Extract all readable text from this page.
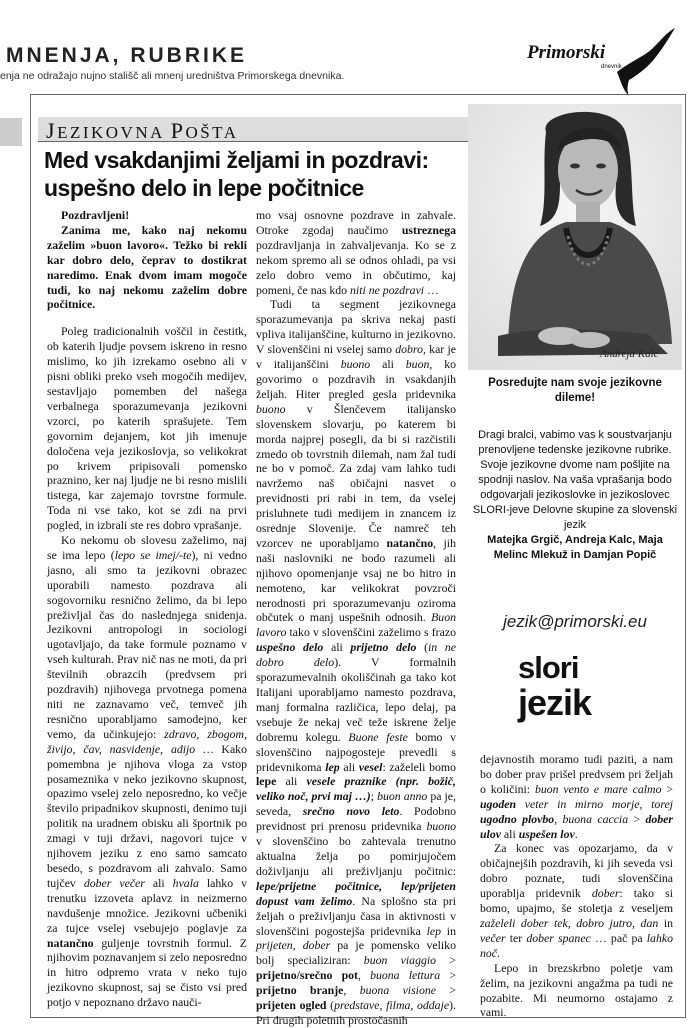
MNENJA, RUBRIKE
enja ne odražajo nujno stališč ali mnenj uredništva Primorskega dnevnika.
Primorski
dnevnik
JEZIKOVNA POŠTA
Med vsakdanjimi željami in pozdravi:
uspešno delo in lepe počitnice
Andreja Kalc
Posredujte nam svoje jezikovne dileme!
Dragi bralci, vabimo vas k soustvarjanju prenovljene tedenske jezikovne rubrike. Svoje jezikovne dvome nam pošljite na spodnji naslov. Na vaša vprašanja bodo odgovarjali jezikoslovke in jezikoslovec SLORI-jeve Delovne skupine za slovenski jezik
Matejka Grgič, Andreja Kalc, Maja Melinc Mlekuž in Damjan Popič
jezik@primorski.eu
slori
jezik

Pozdravljeni!

Zanima me, kako naj nekomu zaželim »buon lavoro«. Težko bi rekli kar dobro delo, čeprav to dostikrat naredimo. Enak dvom imam mogoče tudi, ko naj nekomu zaželim dobre počitnice.

Poleg tradicionalnih voščil in čestitk, ob katerih ljudje povsem iskreno in resno mislimo, ko jih izrekamo osebno ali v pisni obliki preko vseh mogočih medijev, sestavljajo pomemben del našega verbalnega sporazumevanja jezikovni vzorci, po katerih sprašujete. Tem govornim dejanjem, kot jih imenuje določena veja jezikoslovja, so velikokrat po krivem pripisovali pomensko praznino, ker naj ljudje ne bi resno mislili tistega, kar zajemajo tovrstne formule. Toda ni vse tako, kot se zdi na prvi pogled, in izbrali ste res dobro vprašanje.

Ko nekomu ob slovesu zaželimo, naj se ima lepo (lepo se imej/-te), ni vedno jasno, ali smo ta jezikovni obrazec uporabili namesto pozdrava ali sogovorniku resnično želimo, da bi lepo preživljal čas do naslednjega snidenja. Jezikovni antropologi in sociologi ugotavljajo, da take formule poznamo v vseh kulturah. Prav nič nas ne moti, da pri številnih obrazcih (predvsem pri pozdravih) njihovega prvotnega pomena niti ne zaznavamo več, temveč jih resnično uporabljamo samodejno, ker vemo, da učinkujejo: zdravo, zbogom, živijo, čav, nasvidenje, adijo … Kako pomembna je njihova vloga za vstop posameznika v neko jezikovno skupnost, opazimo vselej zelo neposredno, ko večje število pripadnikov skupnosti, denimo tuji politik na uradnem obisku ali športnik po zmagi v tuji državi, nagovori tujce v njihovem jeziku z eno samo samcato besedo, s pozdravom ali zahvalo. Samo tujčev dober večer ali hvala lahko v trenutku izzoveta aplavz in neizmerno navdušenje množice. Jezikovni učbeniki za tujce vselej vsebujejo poglavje za natančno guljenje tovrstnih formul. Z njihovim poznavanjem si zelo neposredno in hitro odpremo vrata v neko tujo jezikovno skupnost, saj se čisto vsi pred potjo v nepoznano državo nauči-

mo vsaj osnovne pozdrave in zahvale. Otroke zgodaj naučimo ustreznega pozdravljanja in zahvaljevanja. Ko se z nekom spremo ali se odnos ohladi, pa vsi zelo dobro vemo in občutimo, kaj pomeni, če nas kdo niti ne pozdravi …

Tudi ta segment jezikovnega sporazumevanja pa skriva nekaj pasti vpliva italijanščine, kulturno in jezikovno. V slovenščini ni vselej samo dobro, kar je v italijanščini buono ali buon, ko govorimo o pozdravih in vsakdanjih željah. Hiter pregled gesla pridevnika buono v Šlenčevem italijansko slovenskem slovarju, po katerem bi morda najprej posegli, da bi si razčistili zmedo ob tovrstnih dilemah, nam žal tudi ne bo v pomoč. Za zdaj vam lahko tudi navržemo naš običajni nasvet o previdnosti pri rabi in tem, da vselej prisluhnete tudi medijem in znancem iz osrednje Slovenije. Če namreč teh vzorcev ne uporabljamo natančno, jih naši naslovniki ne bodo razumeli ali njihovo opomenjanje vsaj ne bo hitro in nemoteno, kar velikokrat povzroči nerodnosti pri sporazumevanju oziroma občutek o manj uspešnih odnosih. Buon lavoro tako v slovenščini zaželimo s frazo uspešno delo ali prijetno delo (in ne dobro delo). V formalnih sporazumevalnih okoliščinah ga tako kot Italijani uporabljamo namesto pozdrava, manj formalna različica, lepo delaj, pa vsebuje že nekaj več teže iskrene želje dobremu kolegu. Buone feste bomo v slovenščino najpogosteje prevedli s pridevnikoma lep ali vesel: zaželeli bomo lepe ali vesele praznike (npr. božič, veliko noč, prvi maj …); buon anno pa je, seveda, srečno novo leto. Podobno previdnost pri prenosu pridevnika buono v slovenščino bo zahtevala trenutno aktualna želja po pomirjujočem doživljanju ali preživljanju počitnic: lepe/prijetne počitnice, lep/prijeten dopust vam želimo. Na splošno sta pri željah o preživljanju časa in aktivnosti v slovenščini pogostejša pridevnika lep in prijeten, dober pa je pomensko veliko bolj specializiran: buon viaggio > prijetno/srečno pot, buona lettura > prijetno branje, buona visione > prijeten ogled (predstave, filma, oddaje). Pri drugih poletnih prostočasnih

dejavnostih moramo tudi paziti, a nam bo dober prav prišel predvsem pri željah o količini: buon vento e mare calmo > ugoden veter in mirno morje, torej ugodno plovbo, buona caccia > dober ulov ali uspešen lov.

Za konec vas opozarjamo, da v običajnejših pozdravih, ki jih seveda vsi dobro poznate, tudi slovenščina uporablja pridevnik dober: tako si bomo, upajmo, še stoletja z veseljem zaželeli dober tek, dobro jutro, dan in večer ter dober spanec … pač pa lahko noč.

Lepo in brezskrbno poletje vam želim, na jezikovni angažma pa tudi ne pozabite. Mi neumorno ostajamo z vami.
